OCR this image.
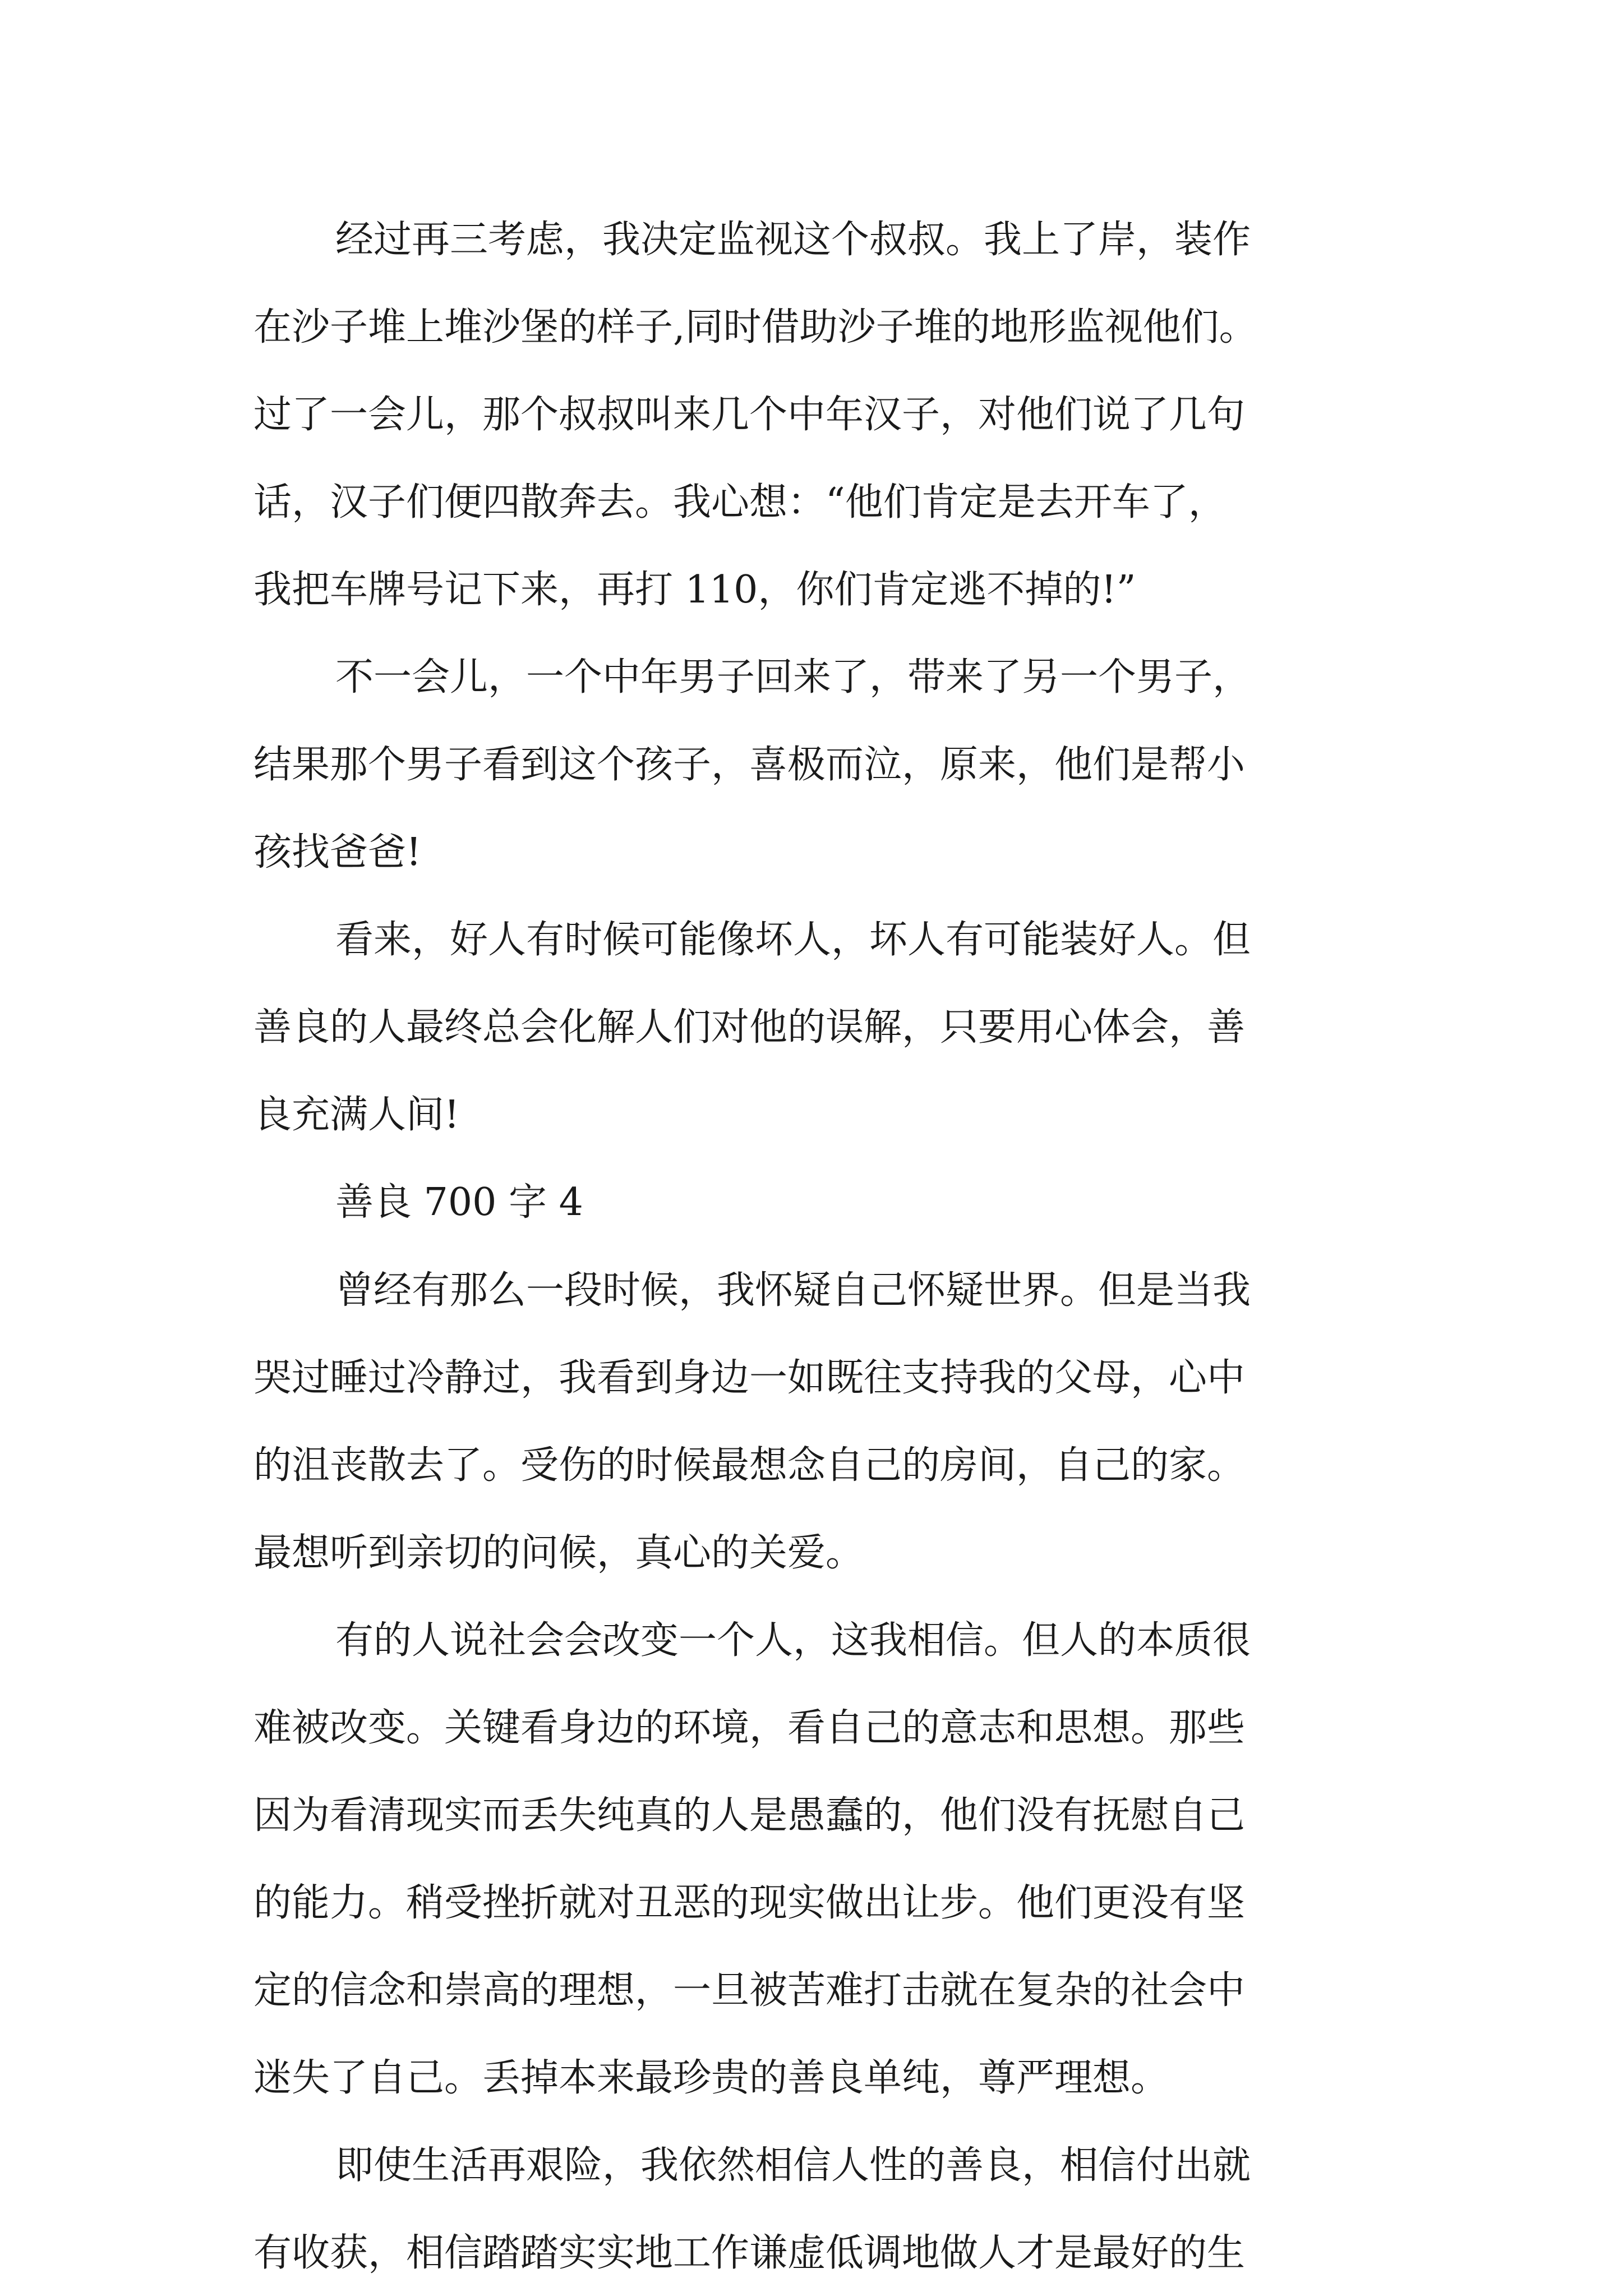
经过再三考虑，我决定监视这个叔叔。我上了岸，装作
在沙子堆上堆沙堡的样子,同时借助沙子堆的地形监视他们。
过了一会儿，那个叔叔叫来几个中年汉子，对他们说了几句
话，汉子们便四散奔去。我心想：“他们肯定是去开车了，
我把车牌号记下来，再打 110，你们肯定逃不掉的!”
不一会儿，一个中年男子回来了，带来了另一个男子，
结果那个男子看到这个孩子，喜极而泣，原来，他们是帮小
孩找爸爸!
看来，好人有时候可能像坏人，坏人有可能装好人。但
善良的人最终总会化解人们对他的误解，只要用心体会，善
良充满人间!
善良 700 字 4
曾经有那么一段时候，我怀疑自己怀疑世界。但是当我
哭过睡过冷静过，我看到身边一如既往支持我的父母，心中
的沮丧散去了。受伤的时候最想念自己的房间，自己的家。
最想听到亲切的问候，真心的关爱。
有的人说社会会改变一个人，这我相信。但人的本质很
难被改变。关键看身边的环境，看自己的意志和思想。那些
因为看清现实而丢失纯真的人是愚蠢的，他们没有抚慰自己
的能力。稍受挫折就对丑恶的现实做出让步。他们更没有坚
定的信念和崇高的理想，一旦被苦难打击就在复杂的社会中
迷失了自己。丢掉本来最珍贵的善良单纯，尊严理想。
即使生活再艰险，我依然相信人性的善良，相信付出就
有收获，相信踏踏实实地工作谦虚低调地做人才是最好的生
